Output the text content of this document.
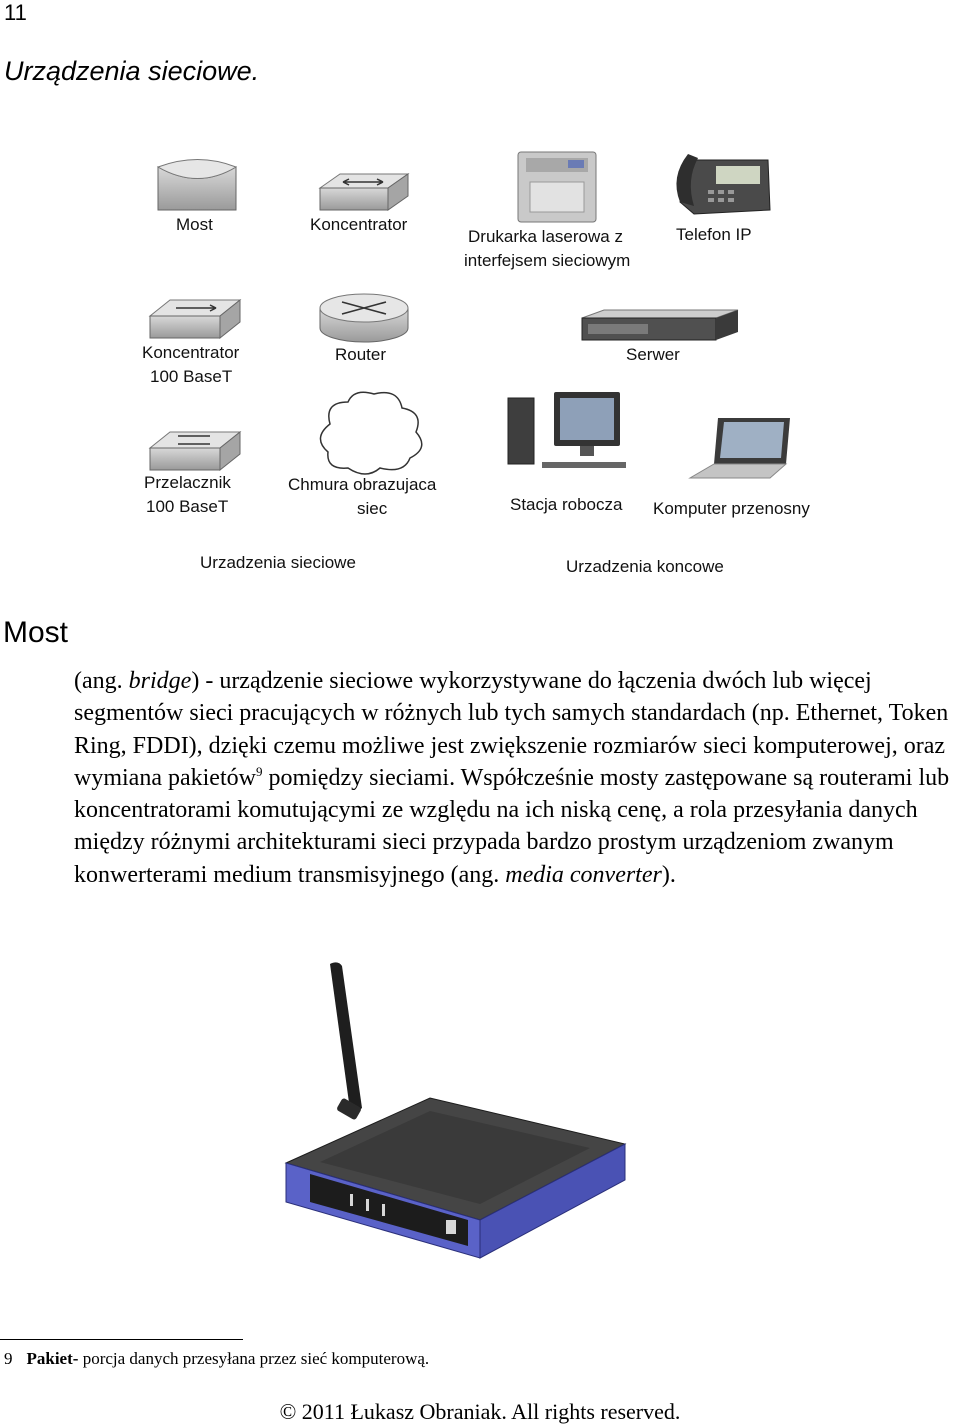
11
Urządzenia sieciowe.
Most	Koncentrator
Drukarka laserowa z
interfejsem sieciowym
Telefon IP
Koncentrator
100 BaseT
Router	Serwer
Przelacznik
100 BaseT
Chmura obrazujaca
siec	Stacja robocza Komputer przenosny
Urzadzenia sieciowe	Urzadzenia koncowe
Most

(ang. bridge) - urządzenie sieciowe wykorzystywane do łączenia dwóch lub więcej segmentów sieci pracujących w różnych lub tych samych standardach (np. Ethernet, Token Ring, FDDI), dzięki czemu możliwe jest zwiększenie rozmiarów sieci komputerowej, oraz wymiana pakietów$^9$ pomiędzy sieciami. Współcześnie mosty zastępowane są routerami lub koncentratorami komutującymi ze względu na ich niską cenę, a rola przesyłania danych między różnymi architekturami sieci przypada bardzo prostym urządzeniom zwanym konwerterami medium transmisyjnego (ang. media converter).

9 Pakiet- porcja danych przesyłana przez sieć komputerową.
© 2011 Łukasz Obraniak. All rights reserved.
